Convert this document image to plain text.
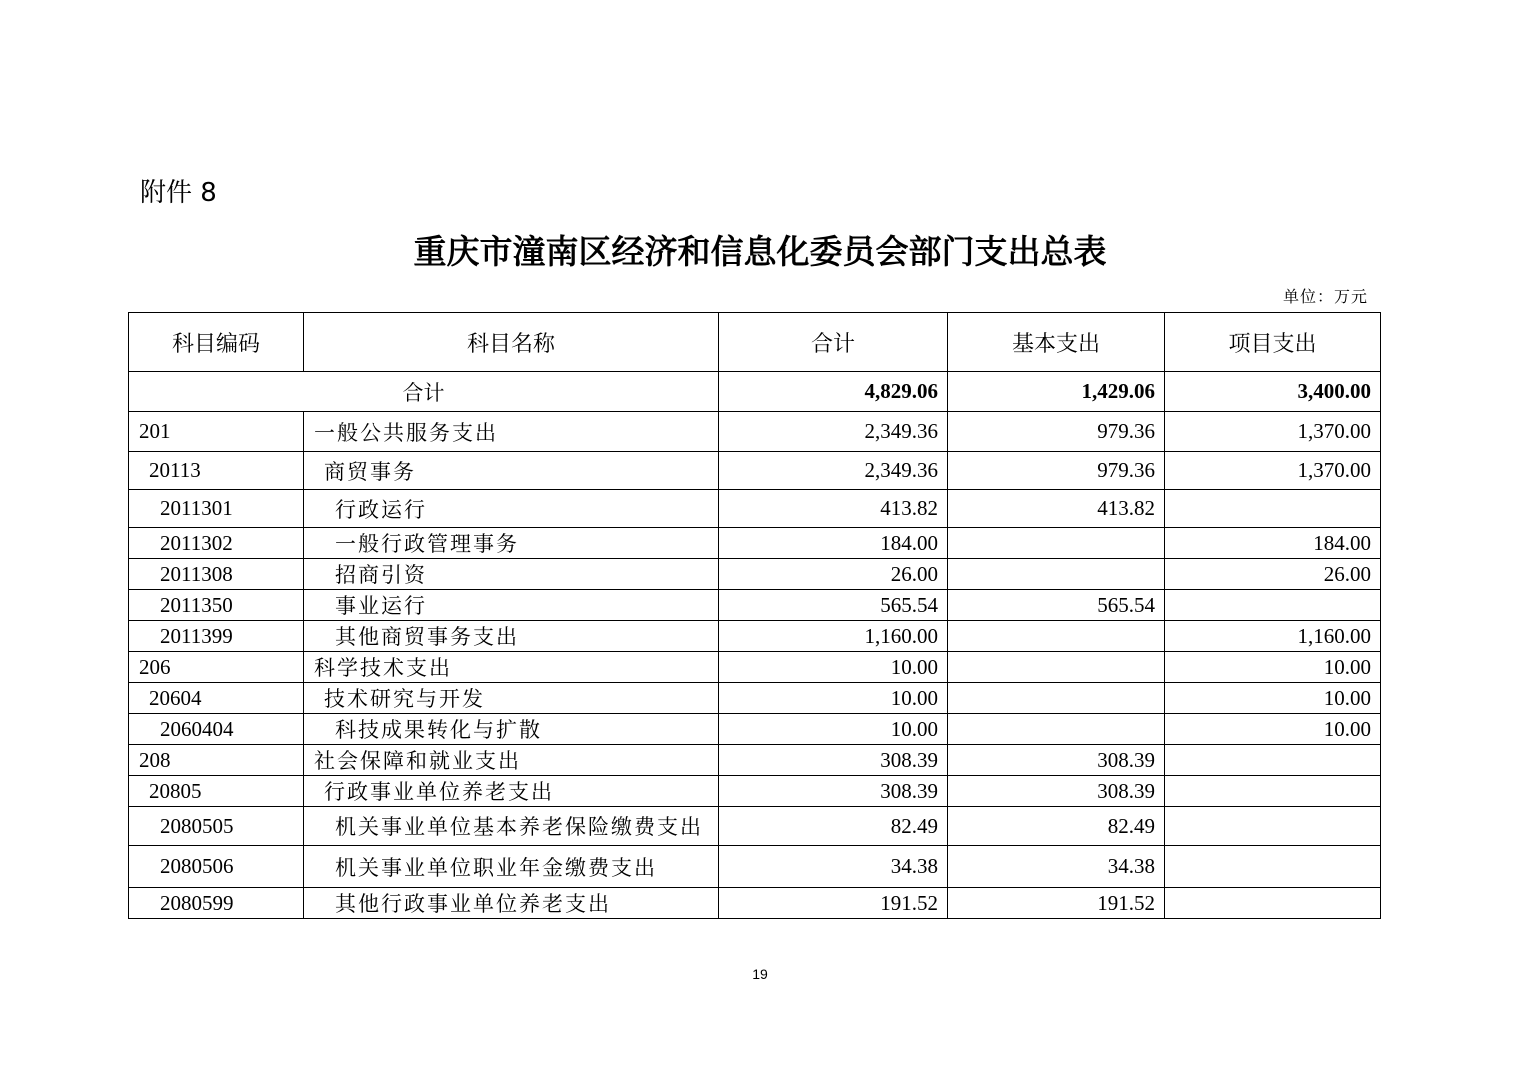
附件 8
重庆市潼南区经济和信息化委员会部门支出总表
单位：万元
科目编码	科目名称	合计	基本支出	项目支出
合计		4,829.06	1,429.06	3,400.00
201	一般公共服务支出	2,349.36	979.36	1,370.00
20113	商贸事务	2,349.36	979.36	1,370.00
2011301	行政运行	413.82	413.82	
2011302	一般行政管理事务	184.00		184.00
2011308	招商引资	26.00		26.00
2011350	事业运行	565.54	565.54	
2011399	其他商贸事务支出	1,160.00		1,160.00
206	科学技术支出	10.00		10.00
20604	技术研究与开发	10.00		10.00
2060404	科技成果转化与扩散	10.00		10.00
208	社会保障和就业支出	308.39	308.39	
20805	行政事业单位养老支出	308.39	308.39	
2080505	机关事业单位基本养老保险缴费支出	82.49	82.49	
2080506	机关事业单位职业年金缴费支出	34.38	34.38	
2080599	其他行政事业单位养老支出	191.52	191.52	
19
